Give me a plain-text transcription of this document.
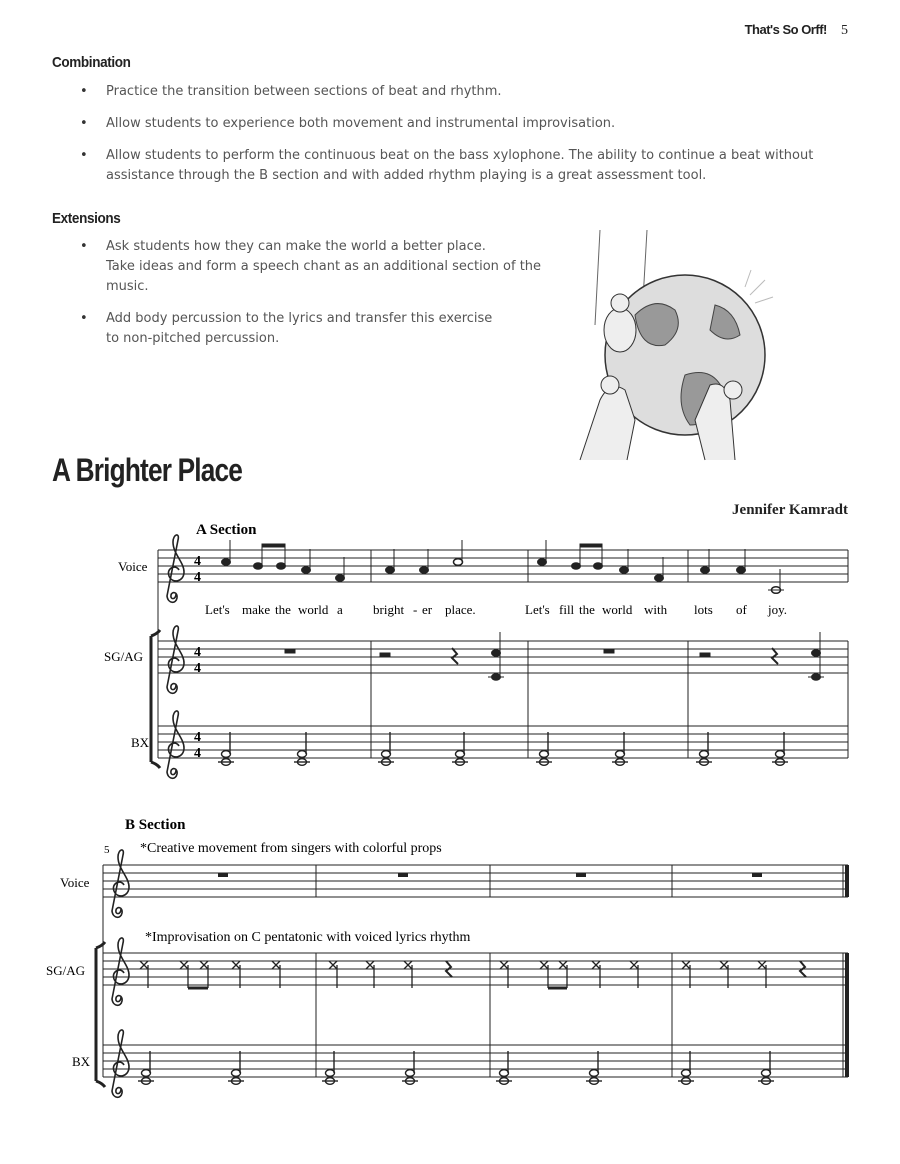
That's So Orff! 5
Combination
• Practice the transition between sections of beat and rhythm.
• Allow students to experience both movement and instrumental improvisation.
• Allow students to perform the continuous beat on the bass xylophone. The ability to continue a beat without assistance through the B section and with added rhythm playing is a great assessment tool.
Extensions
• Ask students how they can make the world a better place.
Take ideas and form a speech chant as an additional section of the music.
• Add body percussion to the lyrics and transfer this exercise
to non-pitched percussion.
A Brighter Place
Jennifer Kamradt
A Section
Voice
SG/AG
BX
4
4
4
4
4
4
Let's make the world a bright - er place.	Let's fill the world with lots of joy.
B Section
5 *Creative movement from singers with colorful props
Voice
*Improvisation on C pentatonic with voiced lyrics rhythm
SG/AG
BX
